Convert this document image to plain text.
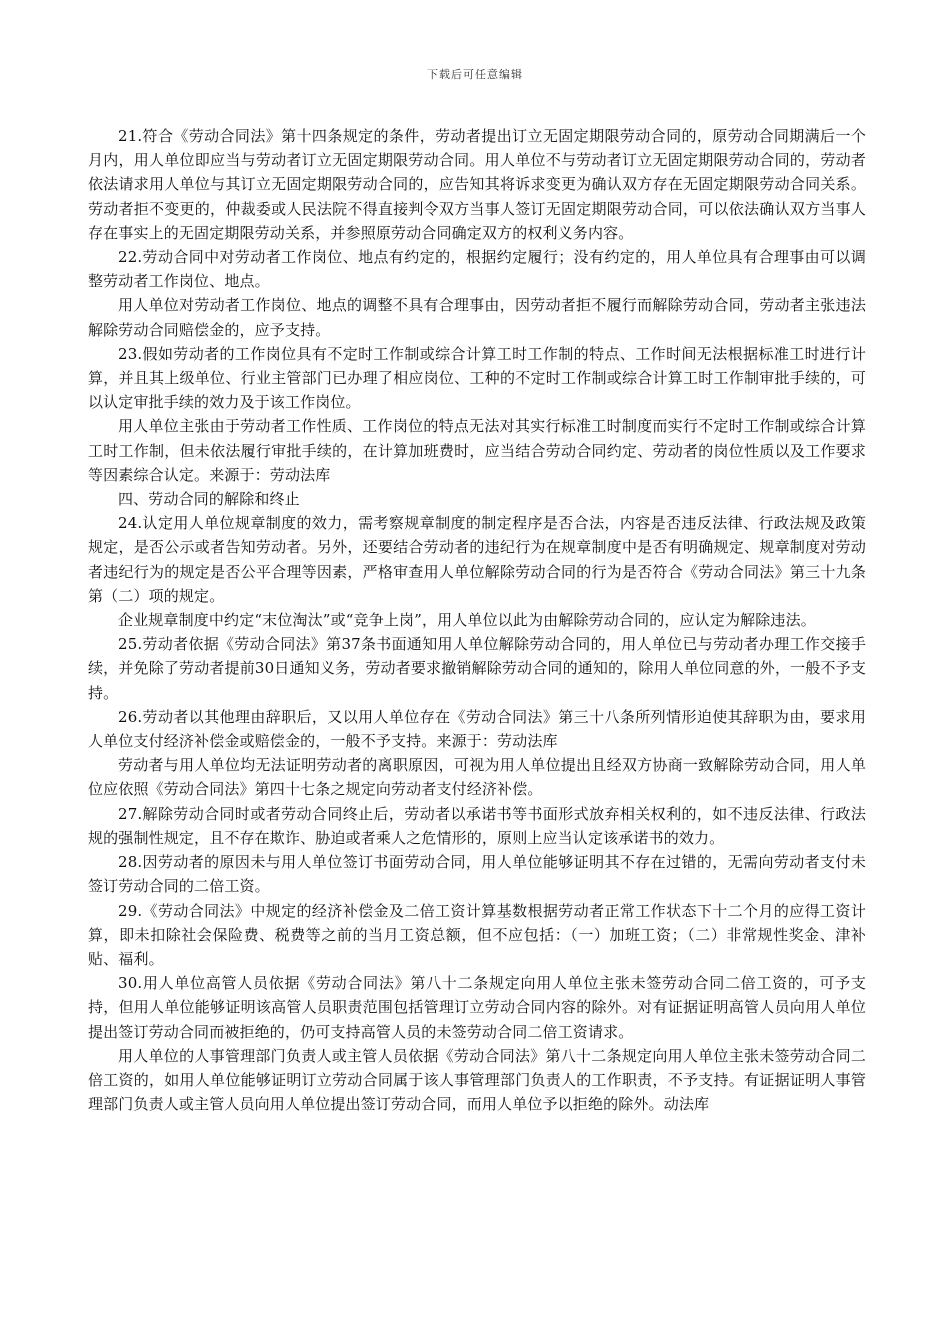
下载后可任意编辑

21.符合《劳动合同法》第十四条规定的条件，劳动者提出订立无固定期限劳动合同的，原劳动合同期满后一个月内，用人单位即应当与劳动者订立无固定期限劳动合同。用人单位不与劳动者订立无固定期限劳动合同的，劳动者依法请求用人单位与其订立无固定期限劳动合同的，应告知其将诉求变更为确认双方存在无固定期限劳动合同关系。劳动者拒不变更的，仲裁委或人民法院不得直接判令双方当事人签订无固定期限劳动合同，可以依法确认双方当事人存在事实上的无固定期限劳动关系，并参照原劳动合同确定双方的权利义务内容。

22.劳动合同中对劳动者工作岗位、地点有约定的，根据约定履行；没有约定的，用人单位具有合理事由可以调整劳动者工作岗位、地点。

用人单位对劳动者工作岗位、地点的调整不具有合理事由，因劳动者拒不履行而解除劳动合同，劳动者主张违法解除劳动合同赔偿金的，应予支持。

23.假如劳动者的工作岗位具有不定时工作制或综合计算工时工作制的特点、工作时间无法根据标准工时进行计算，并且其上级单位、行业主管部门已办理了相应岗位、工种的不定时工作制或综合计算工时工作制审批手续的，可以认定审批手续的效力及于该工作岗位。

用人单位主张由于劳动者工作性质、工作岗位的特点无法对其实行标准工时制度而实行不定时工作制或综合计算工时工作制，但未依法履行审批手续的，在计算加班费时，应当结合劳动合同约定、劳动者的岗位性质以及工作要求等因素综合认定。来源于：劳动法库

四、劳动合同的解除和终止

24.认定用人单位规章制度的效力，需考察规章制度的制定程序是否合法，内容是否违反法律、行政法规及政策规定，是否公示或者告知劳动者。另外，还要结合劳动者的违纪行为在规章制度中是否有明确规定、规章制度对劳动者违纪行为的规定是否公平合理等因素，严格审查用人单位解除劳动合同的行为是否符合《劳动合同法》第三十九条第（二）项的规定。

企业规章制度中约定“末位淘汰”或“竞争上岗”，用人单位以此为由解除劳动合同的，应认定为解除违法。

25.劳动者依据《劳动合同法》第37条书面通知用人单位解除劳动合同的，用人单位已与劳动者办理工作交接手续，并免除了劳动者提前30日通知义务，劳动者要求撤销解除劳动合同的通知的，除用人单位同意的外，一般不予支持。

26.劳动者以其他理由辞职后，又以用人单位存在《劳动合同法》第三十八条所列情形迫使其辞职为由，要求用人单位支付经济补偿金或赔偿金的，一般不予支持。来源于：劳动法库

劳动者与用人单位均无法证明劳动者的离职原因，可视为用人单位提出且经双方协商一致解除劳动合同，用人单位应依照《劳动合同法》第四十七条之规定向劳动者支付经济补偿。

27.解除劳动合同时或者劳动合同终止后，劳动者以承诺书等书面形式放弃相关权利的，如不违反法律、行政法规的强制性规定，且不存在欺诈、胁迫或者乘人之危情形的，原则上应当认定该承诺书的效力。

28.因劳动者的原因未与用人单位签订书面劳动合同，用人单位能够证明其不存在过错的，无需向劳动者支付未签订劳动合同的二倍工资。

29.《劳动合同法》中规定的经济补偿金及二倍工资计算基数根据劳动者正常工作状态下十二个月的应得工资计算，即未扣除社会保险费、税费等之前的当月工资总额，但不应包括：（一）加班工资；（二）非常规性奖金、津补贴、福利。

30.用人单位高管人员依据《劳动合同法》第八十二条规定向用人单位主张未签劳动合同二倍工资的，可予支持，但用人单位能够证明该高管人员职责范围包括管理订立劳动合同内容的除外。对有证据证明高管人员向用人单位提出签订劳动合同而被拒绝的，仍可支持高管人员的未签劳动合同二倍工资请求。

用人单位的人事管理部门负责人或主管人员依据《劳动合同法》第八十二条规定向用人单位主张未签劳动合同二倍工资的，如用人单位能够证明订立劳动合同属于该人事管理部门负责人的工作职责，不予支持。有证据证明人事管理部门负责人或主管人员向用人单位提出签订劳动合同，而用人单位予以拒绝的除外。动法库
